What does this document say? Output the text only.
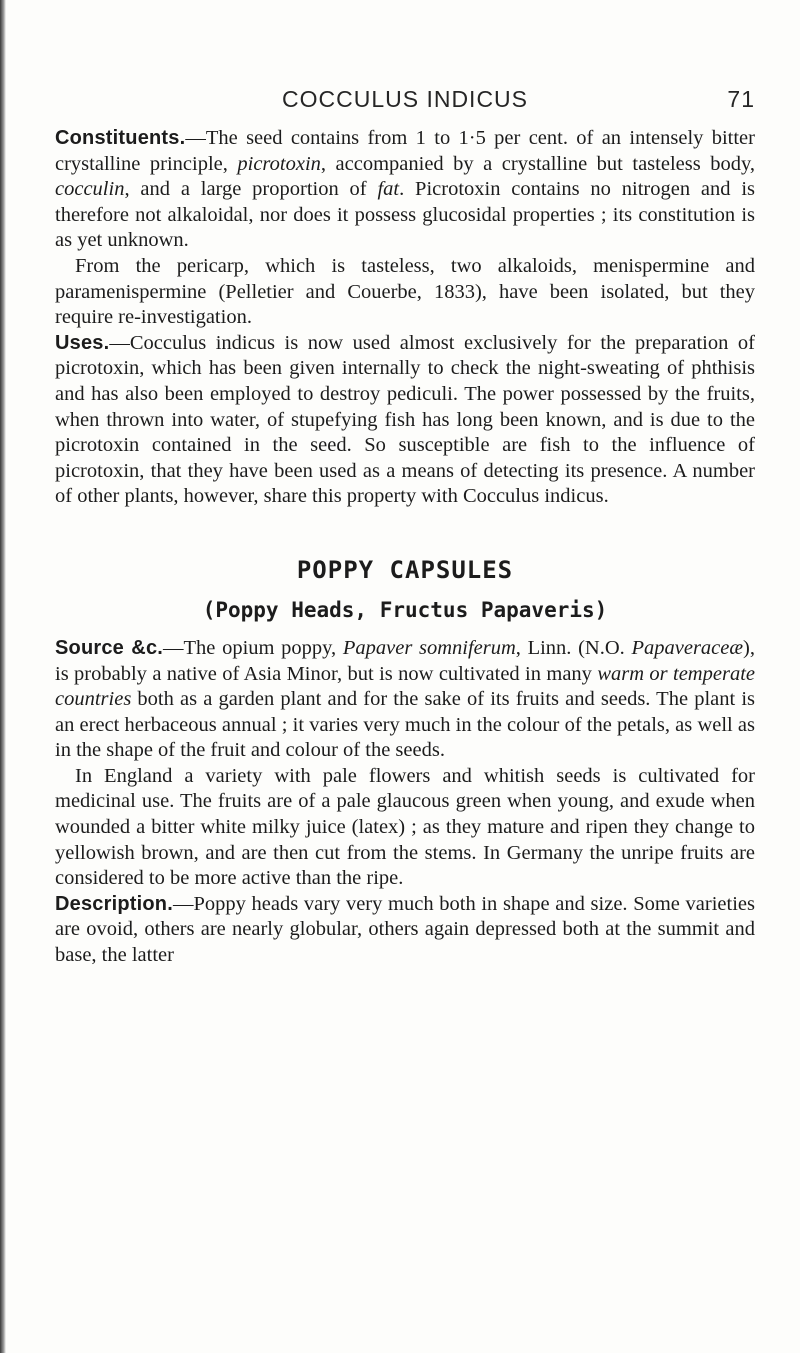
COCCULUS INDICUS	71

Constituents.—The seed contains from 1 to 1·5 per cent. of an intensely bitter crystalline principle, picrotoxin, accompanied by a crystalline but tasteless body, cocculin, and a large proportion of fat. Picrotoxin contains no nitrogen and is therefore not alkaloidal, nor does it possess glucosidal properties ; its constitution is as yet unknown.

From the pericarp, which is tasteless, two alkaloids, menispermine and paramenispermine (Pelletier and Couerbe, 1833), have been isolated, but they require re-investigation.

Uses.—Cocculus indicus is now used almost exclusively for the preparation of picrotoxin, which has been given internally to check the night-sweating of phthisis and has also been employed to destroy pediculi. The power possessed by the fruits, when thrown into water, of stupefying fish has long been known, and is due to the picrotoxin contained in the seed. So susceptible are fish to the influence of picrotoxin, that they have been used as a means of detecting its presence. A number of other plants, however, share this property with Cocculus indicus.

POPPY CAPSULES
(Poppy Heads, Fructus Papaveris)

Source &c.—The opium poppy, Papaver somniferum, Linn. (N.O. Papaveraceæ), is probably a native of Asia Minor, but is now cultivated in many warm or temperate countries both as a garden plant and for the sake of its fruits and seeds. The plant is an erect herbaceous annual ; it varies very much in the colour of the petals, as well as in the shape of the fruit and colour of the seeds.

In England a variety with pale flowers and whitish seeds is cultivated for medicinal use. The fruits are of a pale glaucous green when young, and exude when wounded a bitter white milky juice (latex) ; as they mature and ripen they change to yellowish brown, and are then cut from the stems. In Germany the unripe fruits are considered to be more active than the ripe.

Description.—Poppy heads vary very much both in shape and size. Some varieties are ovoid, others are nearly globular, others again depressed both at the summit and base, the latter
